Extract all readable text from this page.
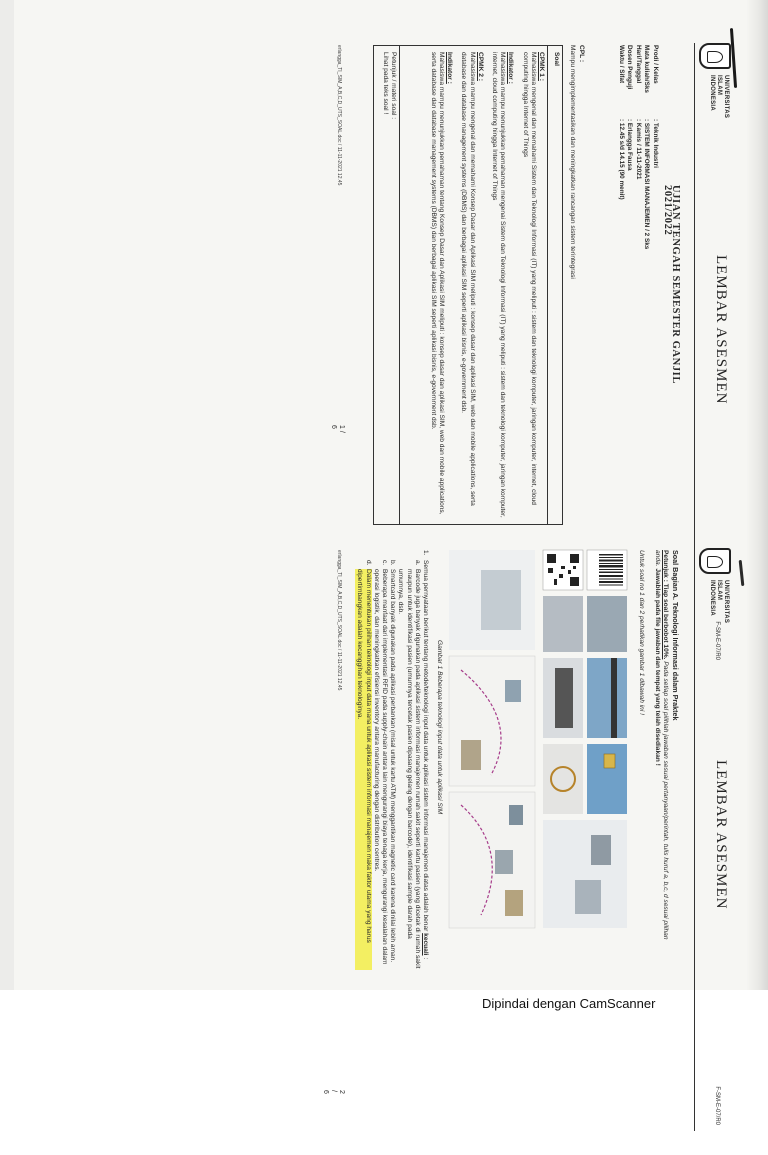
UNIVERSITAS
ISLAM
INDONESIA
LEMBAR ASESMEN
F-SM-E-07/R0
UJIAN TENGAH SEMESTER GANJIL 2021/2022
Prodi / Kelas
: Teknik Industri
Mata kuliah/Sks
: SISTEM INFORMASI MANAJEMEN / 2 Sks
Hari/Tanggal
: Kamis / 11-11-2021
Dosen Penguji
: Erlangga Fausa
Waktu / Sifat
: 12.45 s/d 14.15 (90 menit)
CPL :
Mampu mengimplementasikan dan meningkatkan rancangan sistem terintegrasi
Soal
CPMK 1 :
Mahasiswa mengenal dan memahami Sistem dan Teknologi Informasi (IT) yang meliputi : sistem dan teknologi komputer, jaringan komputer, internet, cloud computing hingga Internet of Things
Indikator :
Mahasiswa mampu menunjukkan pemahaman mengenai Sistem dan Teknologi Informasi (IT) yang meliputi : sistem dan teknologi komputer, jaringan komputer, internet, cloud computing hingga Internet of Things
CPMK 2 :
Mahasiswa mampu mengenal dan memahami Konsep Dasar dan Aplikasi SIM meliputi : konsep dasar dan aplikasi SIM, web dan mobile applications, serta database dan database management systems (DBMS) dan berbagai aplikasi SIM seperti aplikasi bisnis, e-government dsb.
Indikator :
Mahasiswa mampu menunjukkan pemahaman tentang Konsep Dasar dan Aplikasi SIM meliputi : konsep dasar dan aplikasi SIM, web dan mobile applications, serta database dan database management systems (DBMS) dan berbagai aplikasi SIM seperti aplikasi bisnis, e-government dsb.
Petunjuk / materi soal :
Lihat pada teks soal !
erlangga_TI_SIM_A,B,C,D_UTS_SOAL.doc / 11-11-2021 12.45
1 / 6
UNIVERSITAS
ISLAM
INDONESIA
LEMBAR ASESMEN
F-SM-E-07/R0
Soal Bagian A. Teknologi Informasi dalam Praktek
Petunjuk : Tiap soal berbobot 10%. Pada setiap soal pilihlah jawaban sesuai pertanyaan/perintah, tulis huruf a, b,c, d sesuai pilihan anda. Jawablah pada file jawaban dan tempat yang telah disediakan !
Untuk soal no 1 dan 2 perhatikan gambar 1 dibawah ini !
Gambar 1 Beberapa teknologi input data untuk aplikasi SIM
1.
Semua pernyataan berikut tentang metode/teknologi input data untuk aplikasi sistem informasi manajemen diatas adalah benar kecuali :
a.
Barcode juga banyak digunakan pada aplikasi sistem informasi manajemen rumah sakit seperti kartu pasien (yang dicetak di rumah sakit maupun untuk identifikasi pasien (umumnya tercetak pasien dipasang gelang dengan barcode), identifikasi sample darah pada umumnya, dsb.
b.
Smartcard banyak digunakan pada aplikasi perbankan (misal untuk kartu ATM) menggantikan magnetic card karena dinilai lebih aman.
c.
Beberapa manfaat dari implementasi RFID pada supply-chain antara lain mengurangi biaya tenaga kerja, mengurangi kesalahan dalam operasi logistik, dan meningkatkan efisiensi inventory antara manufacturing dengan distribution centres.
d.
Dalam menentukan pilihan teknologi input data mana untuk aplikasi sistem informasi manajemen maka faktor utama yang harus dipertimbangkan adalah kecanggihan teknologinya.
erlangga_TI_SIM_A,B,C,D_UTS_SOAL.doc / 11-11-2021 12.45
2 / 6
Dipindai dengan CamScanner
